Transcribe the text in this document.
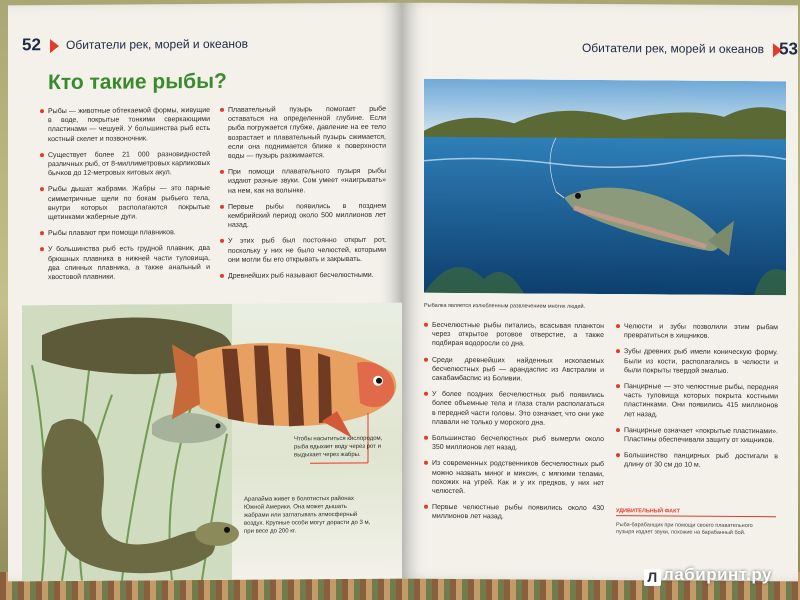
52 Обитатели рек, морей и океанов
Кто такие рыбы?

Рыбы — животные обтекаемой формы, живущие в воде, покрытые тонкими сверкающими пластинами — чешуей. У большинства рыб есть костный скелет и позвоночник.

Существует более 21 000 разновидностей различных рыб, от 8-миллиметровых карликовых бычков до 12-метровых китовых акул.

Рыбы дышат жабрами. Жабры — это парные симметричные щели по бокам рыбьего тела, внутри которых располагаются покрытые щетинками жаберные дуги.

Рыбы плавают при помощи плавников.

У большинства рыб есть грудной плавник, два брюшных плавника в нижней части туловища, два спинных плавника, а также анальный и хвостовой плавники.

Плавательный пузырь помогает рыбе оставаться на определенной глубине. Если рыба погружается глубже, давление на ее тело возрастает и плавательный пузырь сжимается, если она поднимается ближе к поверхности воды — пузырь разжимается.

При помощи плавательного пузыря рыбы издают разные звуки. Сом умеет «наигрывать» на нем, как на волынке.

Первые рыбы появились в позднем кембрийский период около 500 миллионов лет назад.

У этих рыб был постоянно открыт рот, поскольку у них не было челюстей, которыми они могли бы его открывать и закрывать.

Древнейших рыб называют бесчелюстными.

Чтобы насытиться кислородом, рыба вдыхает воду через рот и выдыхает через жабры.
Арапайма живет в болотистых районах Южной Америки. Она может дышать жабрами или заглатывать атмосферный воздух. Крупные особи могут дорасти до 3 м, при весе до 200 кг.
Обитатели рек, морей и океанов 53
Рыбалка является излюбленным развлечением многих людей.

Бесчелюстные рыбы питались, всасывая планктон через открытое ротовое отверстие, а также подбирая водоросли со дна.

Среди древнейших найденных ископаемых бесчелюстных рыб — арандаспис из Австралии и сакабамбаспис из Боливии.

У более поздних бесчелюстных рыб появились более объемные тела и глаза стали располагаться в передней части головы. Это означает, что они уже плавали не только у морского дна.

Большинство бесчелюстных рыб вымерли около 350 миллионов лет назад.

Из современных родственников бесчелюстных рыб можно назвать миног и миксин, с мягкими телами, похожих на угрей. Как и у их предков, у них нет челюстей.

Первые челюстные рыбы появились около 430 миллионов лет назад.

Челюсти и зубы позволили этим рыбам превратиться в хищников.

Зубы древних рыб имели коническую форму. Были из кости, располагались в челюсти и были покрыты твердой эмалью.

Панцирные — это челюстные рыбы, передняя часть туловища которых покрыта костными пластинками. Они появились 415 миллионов лет назад.

Панцирные означает «покрытые пластинами». Пластины обеспечивали защиту от хищников.

Большинство панцирных рыб достигали в длину от 30 см до 10 м.

УДИВИТЕЛЬНЫЙ ФАКТ
Рыба-барабанщик при помощи своего плавательного пузыря издает звуки, похожие на барабанный бой.
Л лабиринт.ру
